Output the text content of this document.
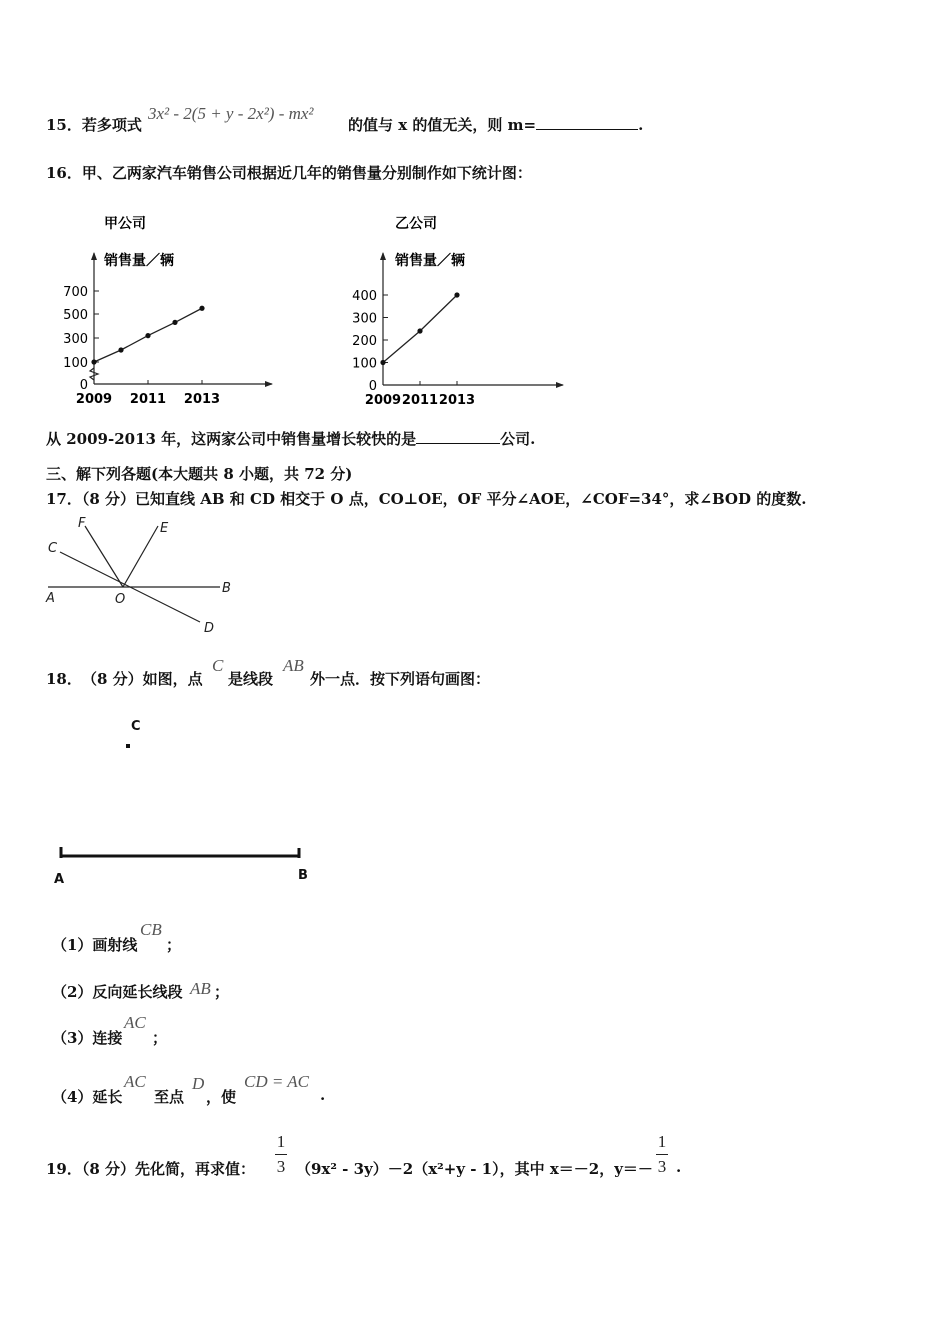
15．若多项式
3x² - 2(5 + y - 2x²) - mx²
的值与 x 的值无关，则 m=	.
16．甲、乙两家汽车销售公司根据近几年的销售量分别制作如下统计图：
甲公司
销售量／辆
0
100
300
500
700
2009 2011 2013
乙公司
销售量／辆
0
100
200
300
400
2009 2011 2013
从 2009-2013 年，这两家公司中销售量增长较快的是	公司.
三、解下列各题(本大题共 8 小题，共 72 分)
17．（8 分）已知直线 AB 和 CD 相交于 O 点，CO⊥OE，OF 平分∠AOE，∠COF=34°，求∠BOD 的度数.
F	E
C
A	O
B
D
18． （8 分）如图，点
C
是线段
AB
外一点．按下列语句画图：
C
A	B
（1）画射线
CB
；
（2）反向延长线段 AB ；
（3）连接
AC
；
（4）延长
AC
至点
D
，使
CD = AC
.
19．（8 分）先化简，再求值：
1
3 （9x² - 3y）－2（x²+y - 1），其中 x＝－2，y＝－
1
3 .
